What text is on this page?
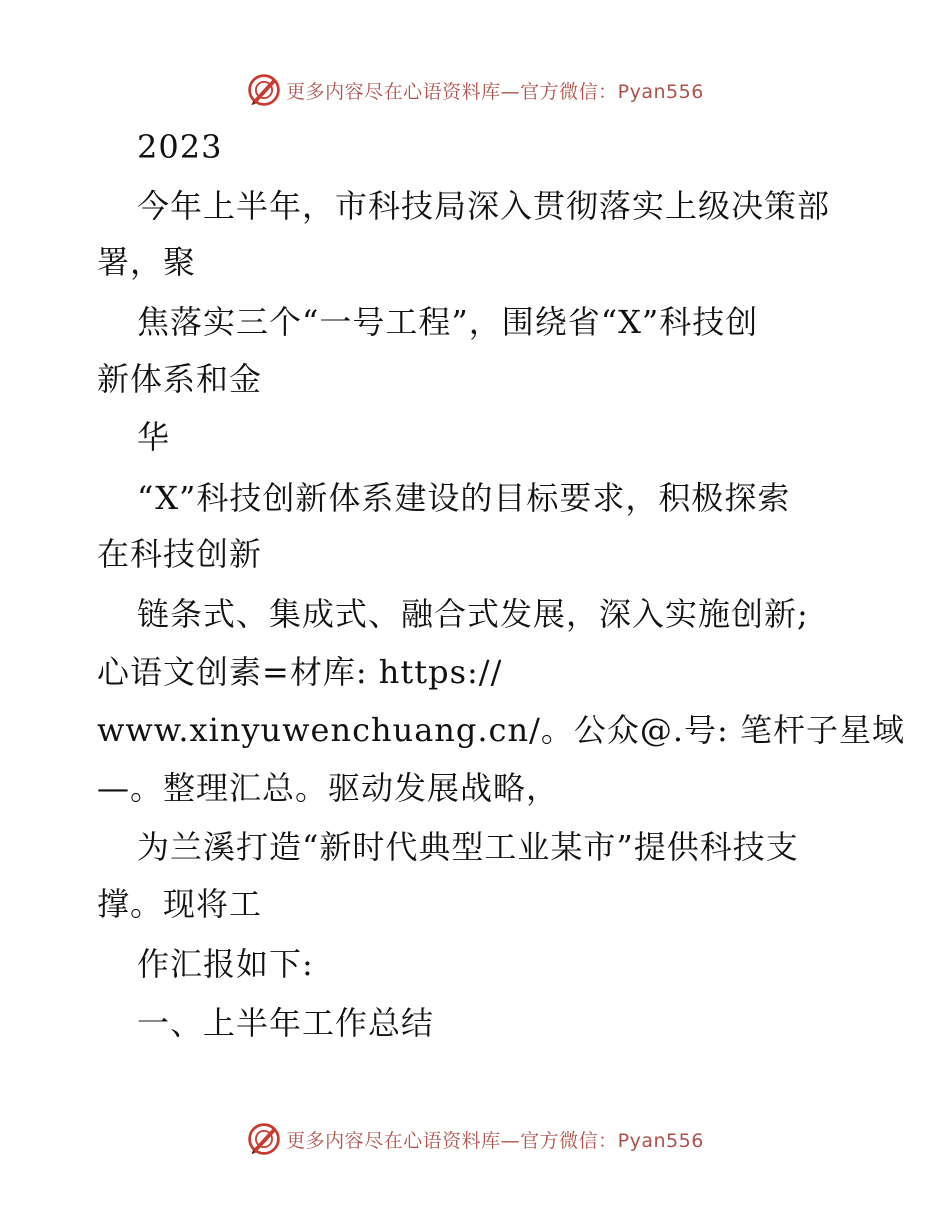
更多内容尽在心语资料库—官方微信：Pyan556
2023
今年上半年，市科技局深入贯彻落实上级决策部
署，聚
焦落实三个“一号工程”，围绕省“X”科技创
新体系和金
华
“X”科技创新体系建设的目标要求，积极探索
在科技创新
链条式、集成式、融合式发展，深入实施创新;
心语文创素=材库: https://
www.xinyuwenchuang.cn/。公众@.号: 笔杆子星域
—。整理汇总。驱动发展战略，
为兰溪打造“新时代典型工业某市”提供科技支
撑。现将工
作汇报如下:
一、上半年工作总结
更多内容尽在心语资料库—官方微信：Pyan556
